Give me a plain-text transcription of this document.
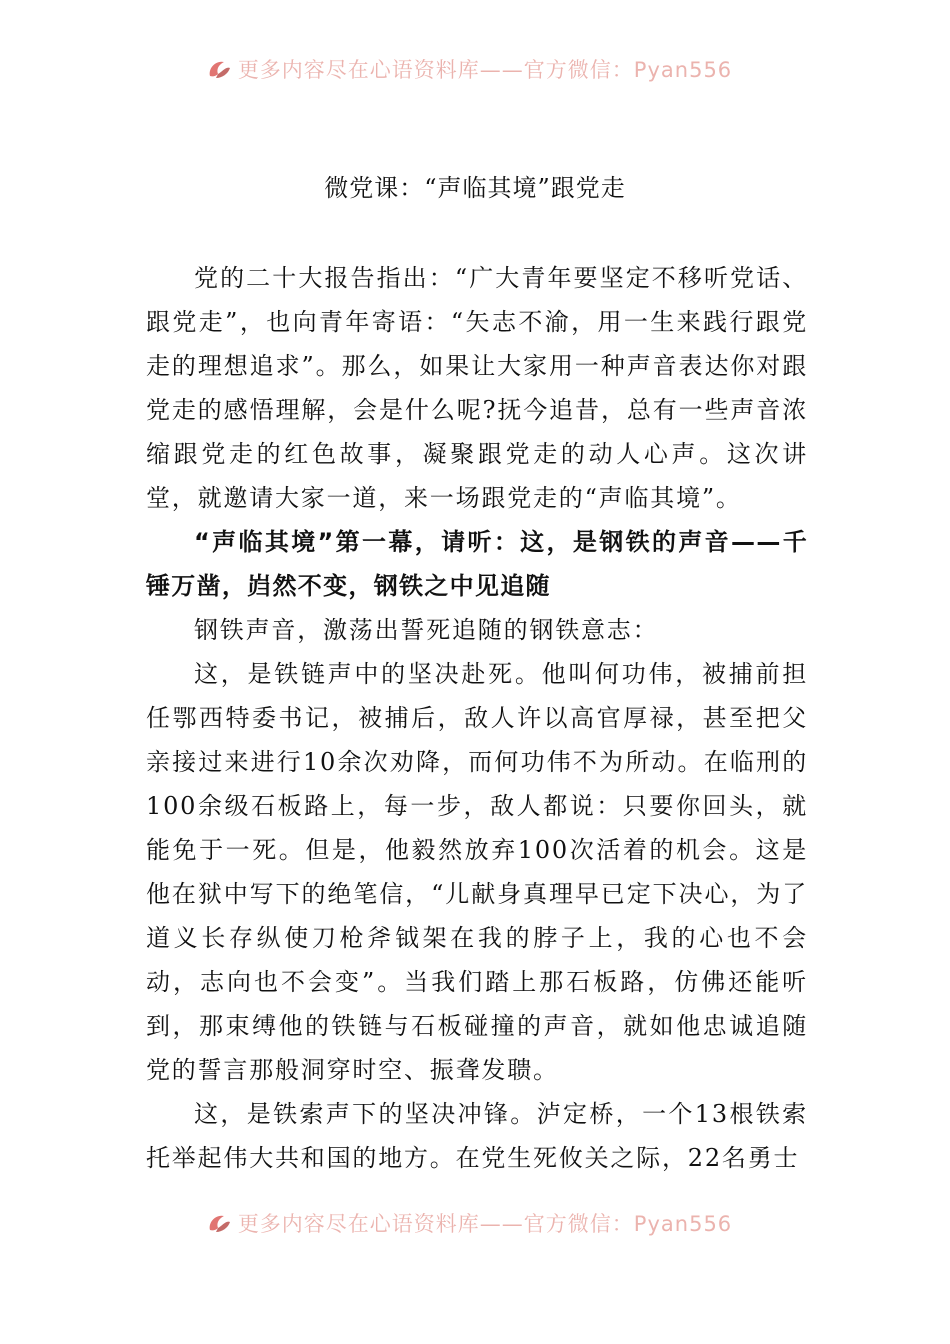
更多内容尽在心语资料库——官方微信：Pyan556
微党课：“声临其境”跟党走

党的二十大报告指出：“广大青年要坚定不移听党话、跟党走”，也向青年寄语：“矢志不渝，用一生来践行跟党走的理想追求”。那么，如果让大家用一种声音表达你对跟党走的感悟理解，会是什么呢?抚今追昔，总有一些声音浓缩跟党走的红色故事，凝聚跟党走的动人心声。这次讲堂，就邀请大家一道，来一场跟党走的“声临其境”。

“声临其境”第一幕，请听：这，是钢铁的声音——千锤万凿，岿然不变，钢铁之中见追随

钢铁声音，激荡出誓死追随的钢铁意志：

这，是铁链声中的坚决赴死。他叫何功伟，被捕前担任鄂西特委书记，被捕后，敌人许以高官厚禄，甚至把父亲接过来进行10余次劝降，而何功伟不为所动。在临刑的100余级石板路上，每一步，敌人都说：只要你回头，就能免于一死。但是，他毅然放弃100次活着的机会。这是他在狱中写下的绝笔信，“儿献身真理早已定下决心，为了道义长存纵使刀枪斧钺架在我的脖子上，我的心也不会动，志向也不会变”。当我们踏上那石板路，仿佛还能听到，那束缚他的铁链与石板碰撞的声音，就如他忠诚追随党的誓言那般洞穿时空、振聋发聩。

这，是铁索声下的坚决冲锋。泸定桥，一个13根铁索托举起伟大共和国的地方。在党生死攸关之际，22名勇士

更多内容尽在心语资料库——官方微信：Pyan556
